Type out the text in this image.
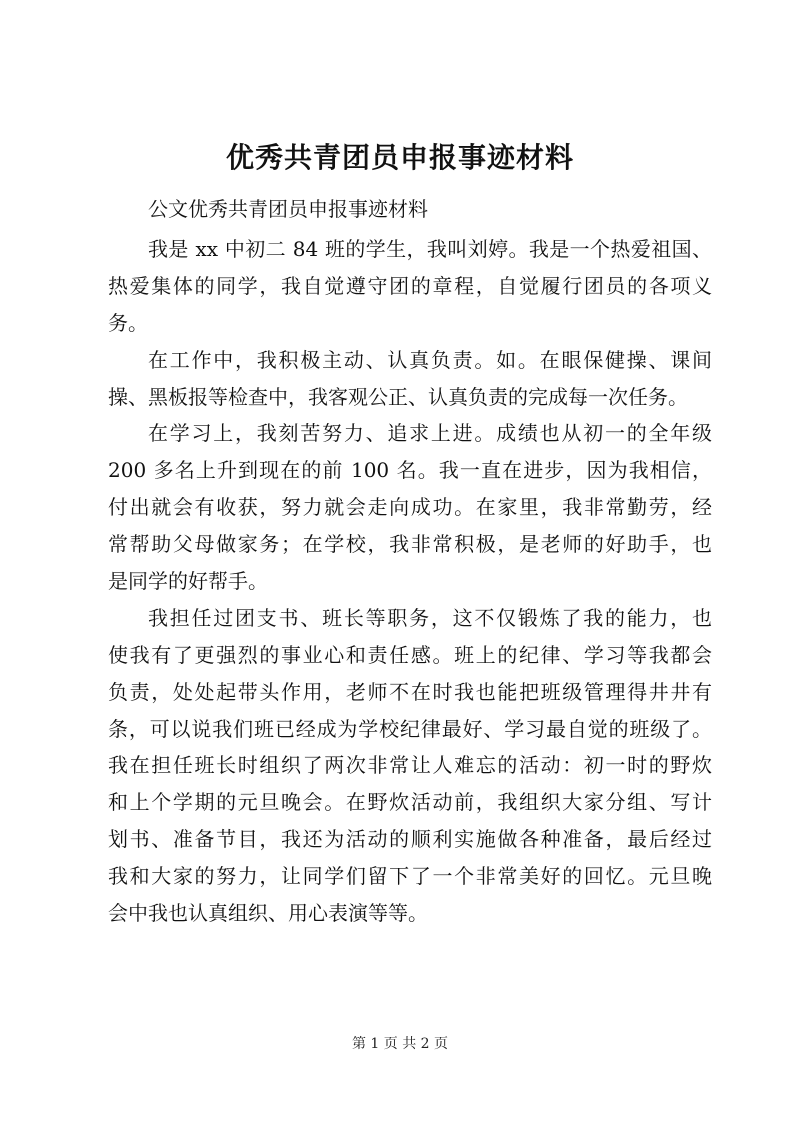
优秀共青团员申报事迹材料
公文优秀共青团员申报事迹材料
我是 xx 中初二 84 班的学生，我叫刘婷。我是一个热爱祖国、
热爱集体的同学，我自觉遵守团的章程，自觉履行团员的各项义
务。
在工作中，我积极主动、认真负责。如。在眼保健操、课间
操、黑板报等检查中，我客观公正、认真负责的完成每一次任务。
在学习上，我刻苦努力、追求上进。成绩也从初一的全年级
200 多名上升到现在的前 100 名。我一直在进步，因为我相信，
付出就会有收获，努力就会走向成功。在家里，我非常勤劳，经
常帮助父母做家务；在学校，我非常积极，是老师的好助手，也
是同学的好帮手。
我担任过团支书、班长等职务，这不仅锻炼了我的能力，也
使我有了更强烈的事业心和责任感。班上的纪律、学习等我都会
负责，处处起带头作用，老师不在时我也能把班级管理得井井有
条，可以说我们班已经成为学校纪律最好、学习最自觉的班级了。
我在担任班长时组织了两次非常让人难忘的活动：初一时的野炊
和上个学期的元旦晚会。在野炊活动前，我组织大家分组、写计
划书、准备节目，我还为活动的顺利实施做各种准备，最后经过
我和大家的努力，让同学们留下了一个非常美好的回忆。元旦晚
会中我也认真组织、用心表演等等。
第 1 页 共 2 页
